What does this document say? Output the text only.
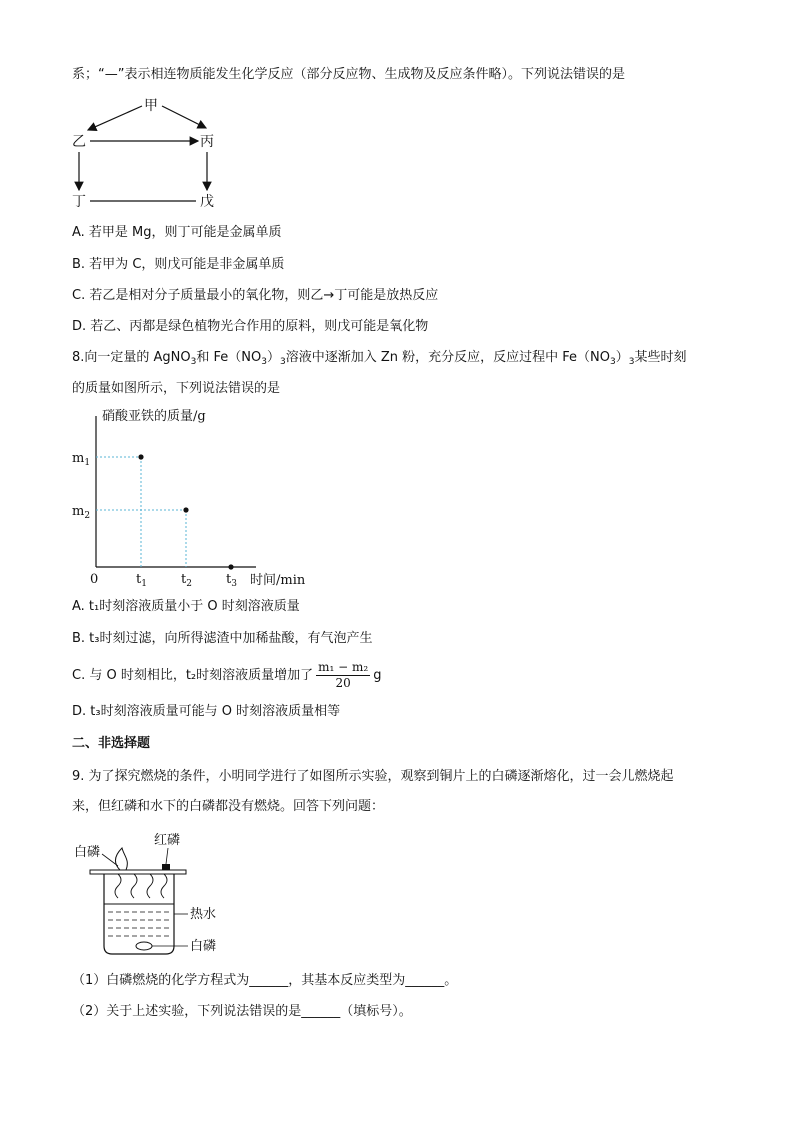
系；“—”表示相连物质能发生化学反应（部分反应物、生成物及反应条件略）。下列说法错误的是
甲
乙	丙
丁	戊
A. 若甲是 Mg，则丁可能是金属单质
B. 若甲为 C，则戊可能是非金属单质
C. 若乙是相对分子质量最小的氧化物，则乙→丁可能是放热反应
D. 若乙、丙都是绿色植物光合作用的原料，则戊可能是氧化物
8.向一定量的 AgNO$_3$和 $Fe(NO_3)_3$溶液中逐渐加入 Zn 粉，充分反应，反应过程中 $Fe(NO_3)_3$某些时刻
的质量如图所示，下列说法错误的是
硝酸亚铁的质量/g
时间/min
0	$t_1$	$t_2$	$t_3$
$m_2$
$m_1$
A. t₁时刻溶液质量小于 O 时刻溶液质量
B. t₃时刻过滤，向所得滤渣中加稀盐酸，有气泡产生
C. 与 O 时刻相比，t₂时刻溶液质量增加了 $\frac{\text{m₁ − m₂}}{20}$ g
D. t₃时刻溶液质量可能与 O 时刻溶液质量相等
二、非选择题
9. 为了探究燃烧的条件，小明同学进行了如图所示实验，观察到铜片上的白磷逐渐熔化，过一会儿燃烧起
来，但红磷和水下的白磷都没有燃烧。回答下列问题：
白磷
红磷
热水
白磷
（1）白磷燃烧的化学方程式为______，其基本反应类型为______。
（2）关于上述实验，下列说法错误的是______（填标号）。
